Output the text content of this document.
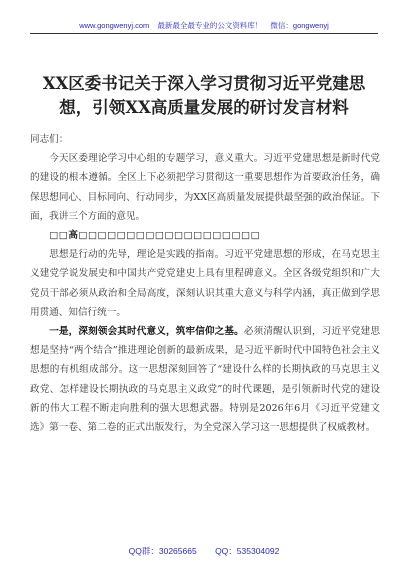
www.gongwenyj.com 最新最全最专业的公文资料库！ 微信：gongwenyj
XX区委书记关于深入学习贯彻习近平党建思想，引领XX高质量发展的研讨发言材料

同志们：

今天区委理论学习中心组的专题学习，意义重大。习近平党建思想是新时代党的建设的根本遵循。全区上下必须把学习贯彻这一重要思想作为首要政治任务，确保思想同心、目标同向、行动同步，为XX区高质量发展提供最坚强的政治保证。下面，我讲三个方面的意见。

□□高□□□□□□□□□□□□□□□□□□□

思想是行动的先导，理论是实践的指南。习近平党建思想的形成，在马克思主义建党学说发展史和中国共产党党建史上具有里程碑意义。全区各级党组织和广大党员干部必须从政治和全局高度，深刻认识其重大意义与科学内涵，真正做到学思用贯通、知信行统一。

一是，深刻领会其时代意义，筑牢信仰之基。必须清醒认识到，习近平党建思想是坚持“两个结合”推进理论创新的最新成果，是习近平新时代中国特色社会主义思想的有机组成部分。这一思想深刻回答了“建设什么样的长期执政的马克思主义政党、怎样建设长期执政的马克思主义政党”的时代课题，是引领新时代党的建设新的伟大工程不断走向胜利的强大思想武器。特别是2026年6月《习近平党建文选》第一卷、第二卷的正式出版发行，为全党深入学习这一思想提供了权威教材。

QQ群：30265665 QQ：535304092
